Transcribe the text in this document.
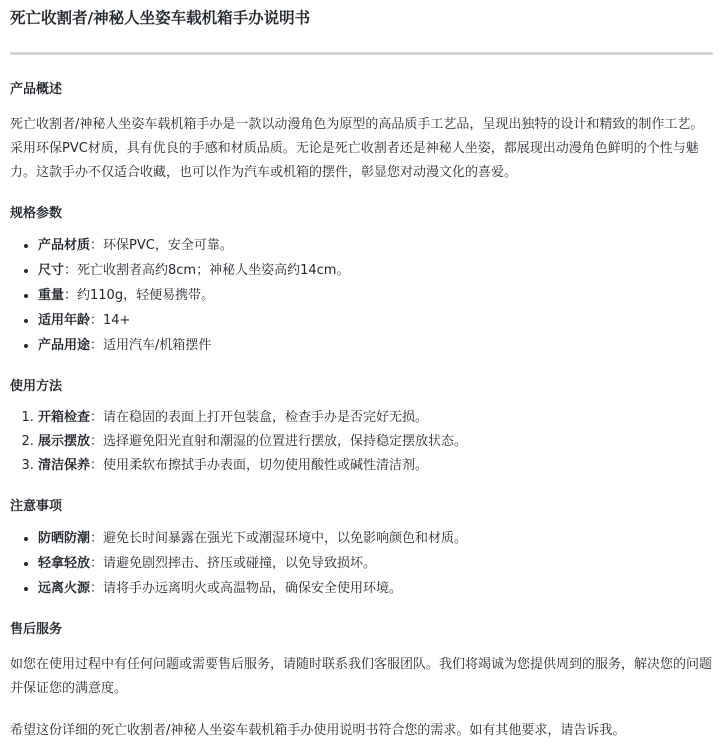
死亡收割者/神秘人坐姿车载机箱手办说明书
产品概述

死亡收割者/神秘人坐姿车载机箱手办是一款以动漫角色为原型的高品质手工艺品，呈现出独特的设计和精致的制作工艺。采用环保PVC材质，具有优良的手感和材质品质。无论是死亡收割者还是神秘人坐姿，都展现出动漫角色鲜明的个性与魅力。这款手办不仅适合收藏，也可以作为汽车或机箱的摆件，彰显您对动漫文化的喜爱。

规格参数
• 产品材质：环保PVC，安全可靠。
• 尺寸：死亡收割者高约8cm；神秘人坐姿高约14cm。
• 重量：约110g，轻便易携带。
• 适用年龄：14+
• 产品用途：适用汽车/机箱摆件
使用方法
1. 开箱检查：请在稳固的表面上打开包装盒，检查手办是否完好无损。
2. 展示摆放：选择避免阳光直射和潮湿的位置进行摆放，保持稳定摆放状态。
3. 清洁保养：使用柔软布擦拭手办表面，切勿使用酸性或碱性清洁剂。
注意事项
• 防晒防潮：避免长时间暴露在强光下或潮湿环境中，以免影响颜色和材质。
• 轻拿轻放：请避免剧烈摔击、挤压或碰撞，以免导致损坏。
• 远离火源：请将手办远离明火或高温物品，确保安全使用环境。
售后服务

如您在使用过程中有任何问题或需要售后服务，请随时联系我们客服团队。我们将竭诚为您提供周到的服务，解决您的问题并保证您的满意度。

希望这份详细的死亡收割者/神秘人坐姿车载机箱手办使用说明书符合您的需求。如有其他要求，请告诉我。
